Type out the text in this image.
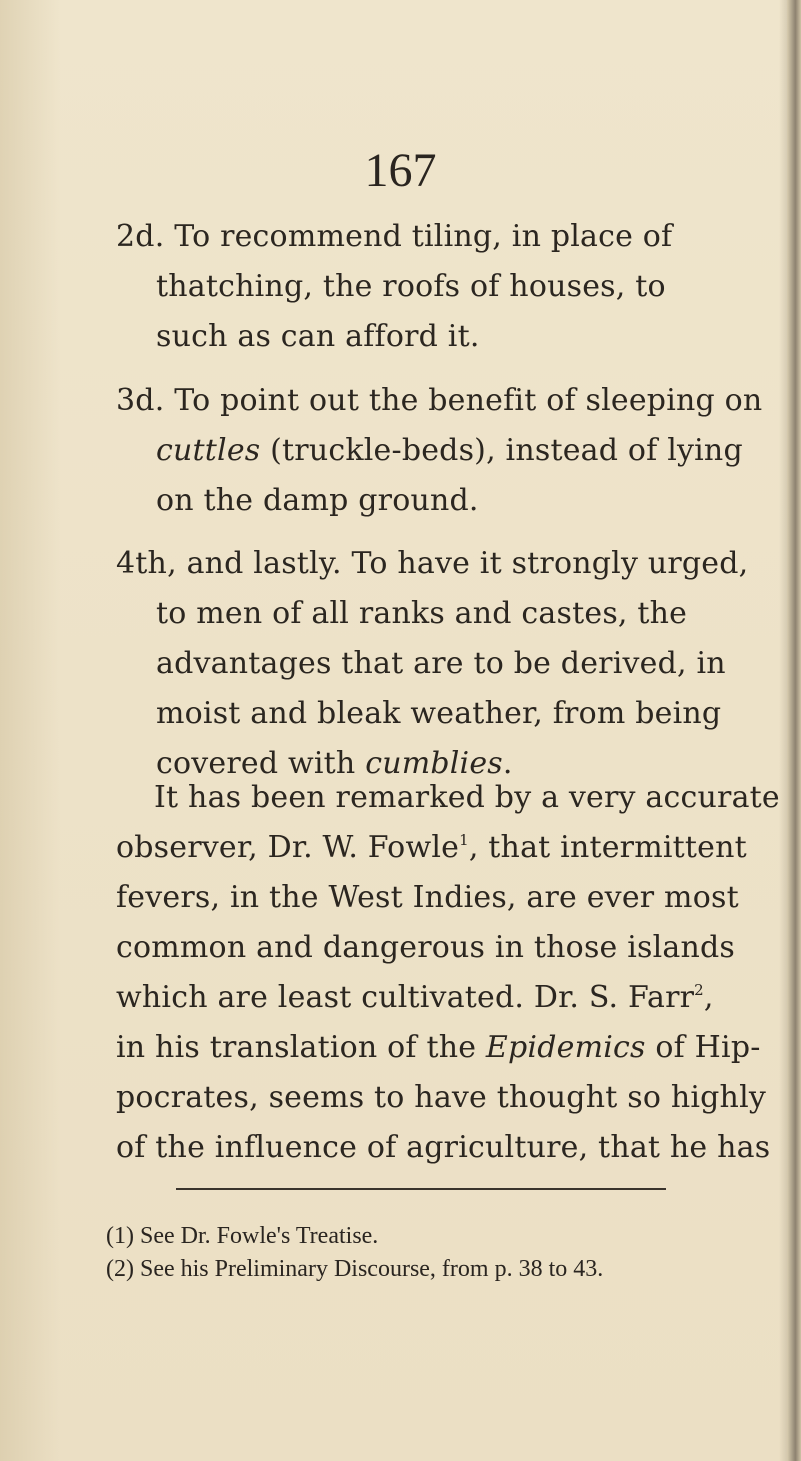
167
2d. To recommend tiling, in place of
thatching, the roofs of houses, to
such as can afford it.
3d. To point out the benefit of sleeping on
cuttles (truckle-beds), instead of lying
on the damp ground.
4th, and lastly. To have it strongly urged,
to men of all ranks and castes, the
advantages that are to be derived, in
moist and bleak weather, from being
covered with cumblies.
It has been remarked by a very accurate
observer, Dr. W. Fowle$^1$, that intermittent
fevers, in the West Indies, are ever most
common and dangerous in those islands
which are least cultivated. Dr. S. Farr$^2$,
in his translation of the Epidemics of Hip-
pocrates, seems to have thought so highly
of the influence of agriculture, that he has
(1) See Dr. Fowle's Treatise.
(2) See his Preliminary Discourse, from p. 38 to 43.
